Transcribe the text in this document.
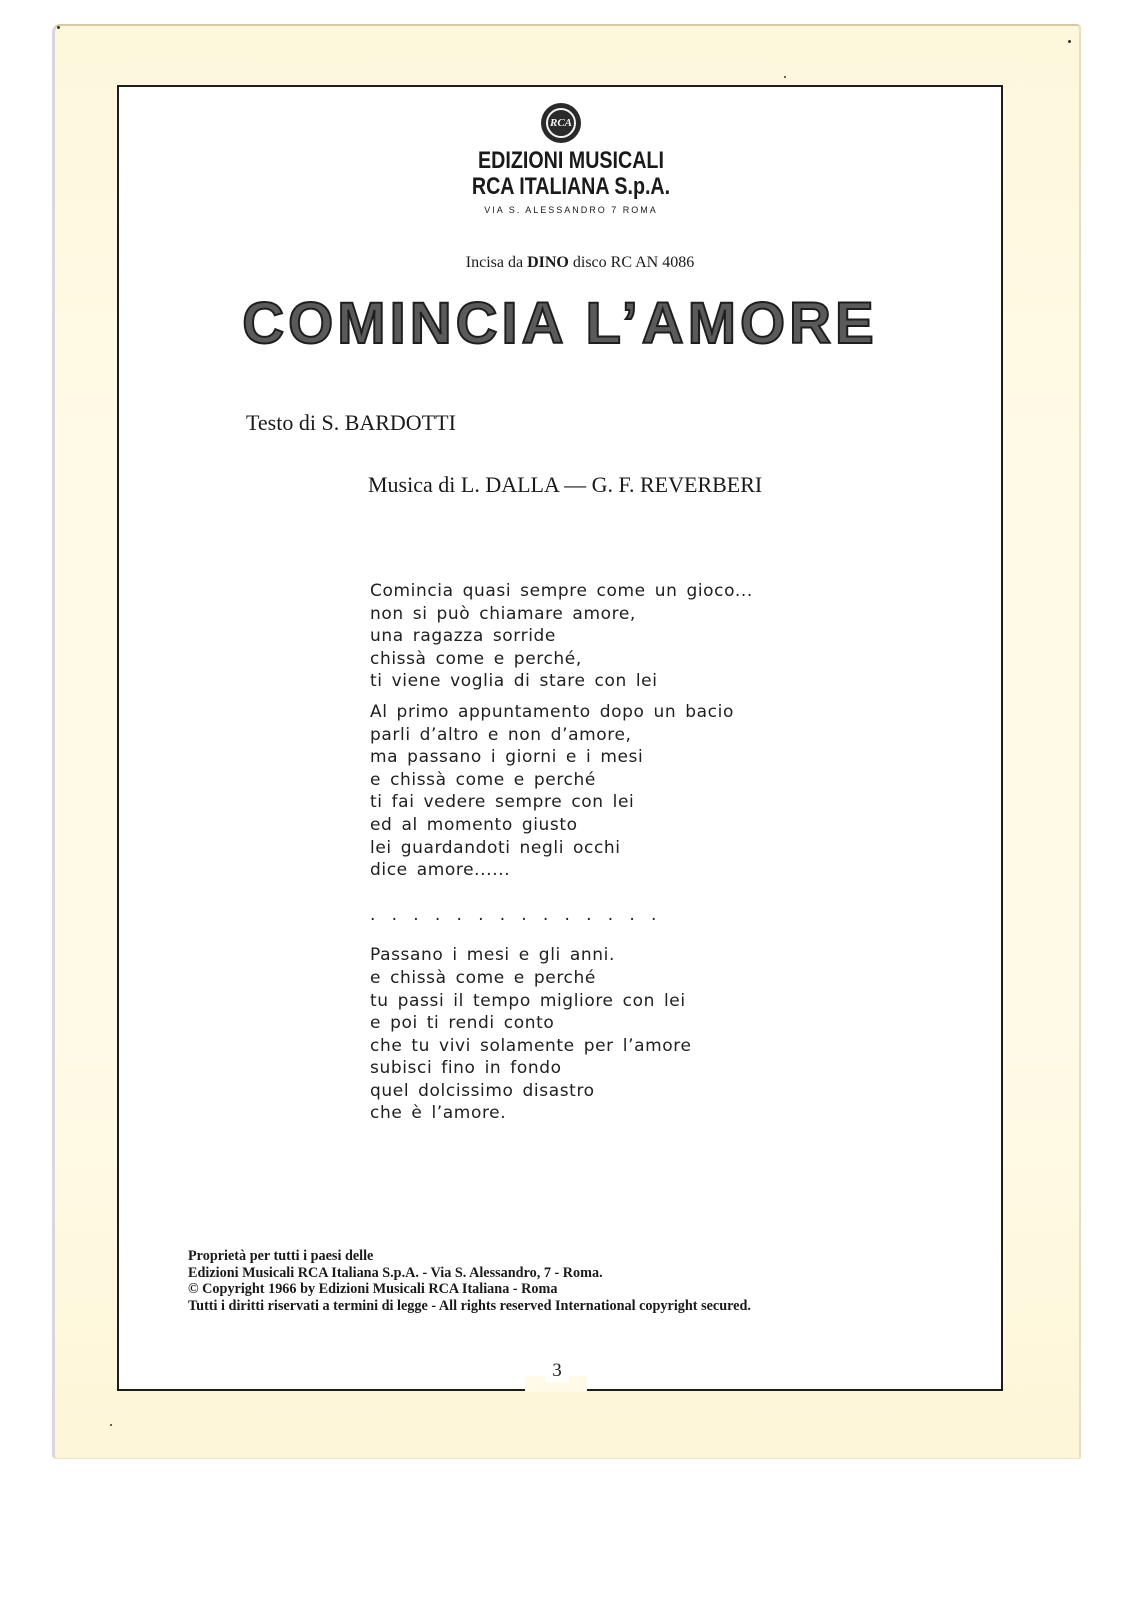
RCA
EDIZIONI MUSICALI
RCA ITALIANA S.p.A.
VIA S. ALESSANDRO 7 ROMA
Incisa da DINO disco RC AN 4086
COMINCIA L’AMORE
Testo di S. BARDOTTI
Musica di L. DALLA — G. F. REVERBERI
Comincia quasi sempre come un gioco...
non si può chiamare amore,
una ragazza sorride
chissà come e perché,
ti viene voglia di stare con lei
Al primo appuntamento dopo un bacio
parli d’altro e non d’amore,
ma passano i giorni e i mesi
e chissà come e perché
ti fai vedere sempre con lei
ed al momento giusto
lei guardandoti negli occhi
dice amore......
.   .   .   .   .   .   .   .   .   .   .   .   .   .
Passano i mesi e gli anni.
e chissà come e perché
tu passi il tempo migliore con lei
e poi ti rendi conto
che tu vivi solamente per l’amore
subisci fino in fondo
quel dolcissimo disastro
che è l’amore.
Proprietà per tutti i paesi delle
Edizioni Musicali RCA Italiana S.p.A. - Via S. Alessandro, 7 - Roma.
© Copyright 1966 by Edizioni Musicali RCA Italiana - Roma
Tutti i diritti riservati a termini di legge - All rights reserved International copyright secured.
3
